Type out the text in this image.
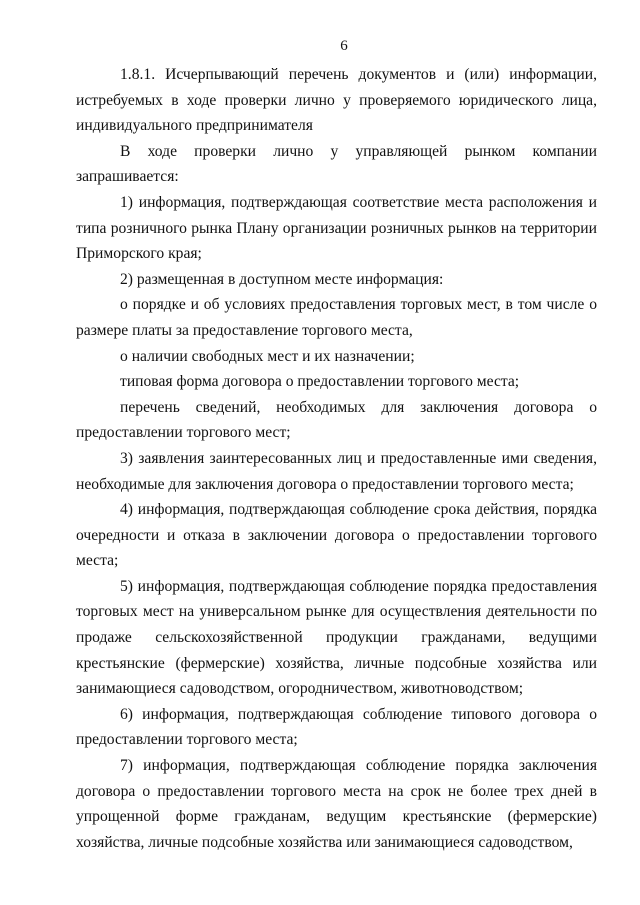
6

1.8.1. Исчерпывающий перечень документов и (или) информации, истребуемых в ходе проверки лично у проверяемого юридического лица, индивидуального предпринимателя

В ходе проверки лично у управляющей рынком компании запрашивается:

1) информация, подтверждающая соответствие места расположения и типа розничного рынка Плану организации розничных рынков на территории Приморского края;

2) размещенная в доступном месте информация:

о порядке и об условиях предоставления торговых мест, в том числе о размере платы за предоставление торгового места,

о наличии свободных мест и их назначении;

типовая форма договора о предоставлении торгового места;

перечень сведений, необходимых для заключения договора о предоставлении торгового мест;

3) заявления заинтересованных лиц и предоставленные ими сведения, необходимые для заключения договора о предоставлении торгового места;

4) информация, подтверждающая соблюдение срока действия, порядка очередности и отказа в заключении договора о предоставлении торгового места;

5) информация, подтверждающая соблюдение порядка предоставления торговых мест на универсальном рынке для осуществления деятельности по продаже сельскохозяйственной продукции гражданами, ведущими крестьянские (фермерские) хозяйства, личные подсобные хозяйства или занимающиеся садоводством, огородничеством, животноводством;

6) информация, подтверждающая соблюдение типового договора о предоставлении торгового места;

7) информация, подтверждающая соблюдение порядка заключения договора о предоставлении торгового места на срок не более трех дней в упрощенной форме гражданам, ведущим крестьянские (фермерские) хозяйства, личные подсобные хозяйства или занимающиеся садоводством,
